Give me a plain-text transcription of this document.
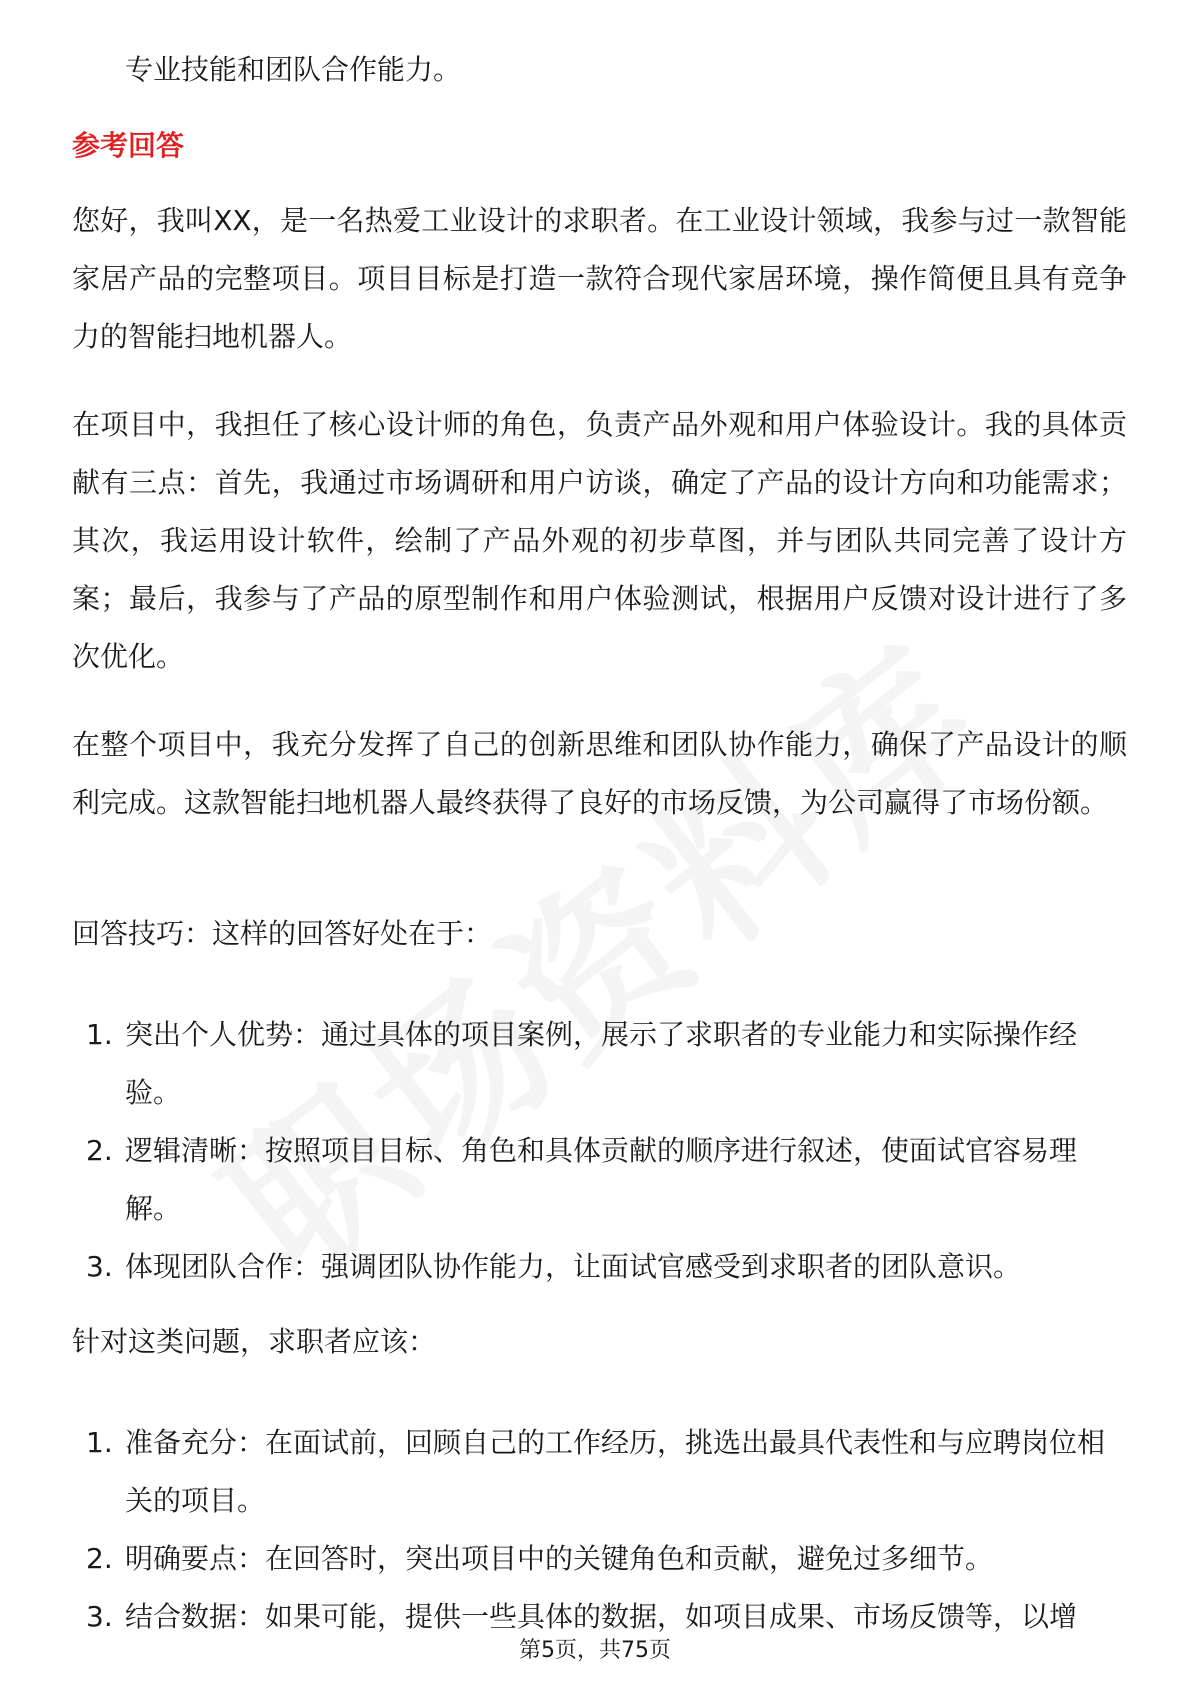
专业技能和团队合作能力。
参考回答

您好，我叫XX，是一名热爱工业设计的求职者。在工业设计领域，我参与过一款智能家居产品的完整项目。项目目标是打造一款符合现代家居环境，操作简便且具有竞争力的智能扫地机器人。

在项目中，我担任了核心设计师的角色，负责产品外观和用户体验设计。我的具体贡献有三点：首先，我通过市场调研和用户访谈，确定了产品的设计方向和功能需求；其次，我运用设计软件，绘制了产品外观的初步草图，并与团队共同完善了设计方案；最后，我参与了产品的原型制作和用户体验测试，根据用户反馈对设计进行了多次优化。

在整个项目中，我充分发挥了自己的创新思维和团队协作能力，确保了产品设计的顺利完成。这款智能扫地机器人最终获得了良好的市场反馈，为公司赢得了市场份额。

回答技巧：这样的回答好处在于：

1. 突出个人优势：通过具体的项目案例，展示了求职者的专业能力和实际操作经验。
2. 逻辑清晰：按照项目目标、角色和具体贡献的顺序进行叙述，使面试官容易理解。
3. 体现团队合作：强调团队协作能力，让面试官感受到求职者的团队意识。

针对这类问题，求职者应该：

1. 准备充分：在面试前，回顾自己的工作经历，挑选出最具代表性和与应聘岗位相关的项目。
2. 明确要点：在回答时，突出项目中的关键角色和贡献，避免过多细节。
3. 结合数据：如果可能，提供一些具体的数据，如项目成果、市场反馈等，以增
第5页，共75页
